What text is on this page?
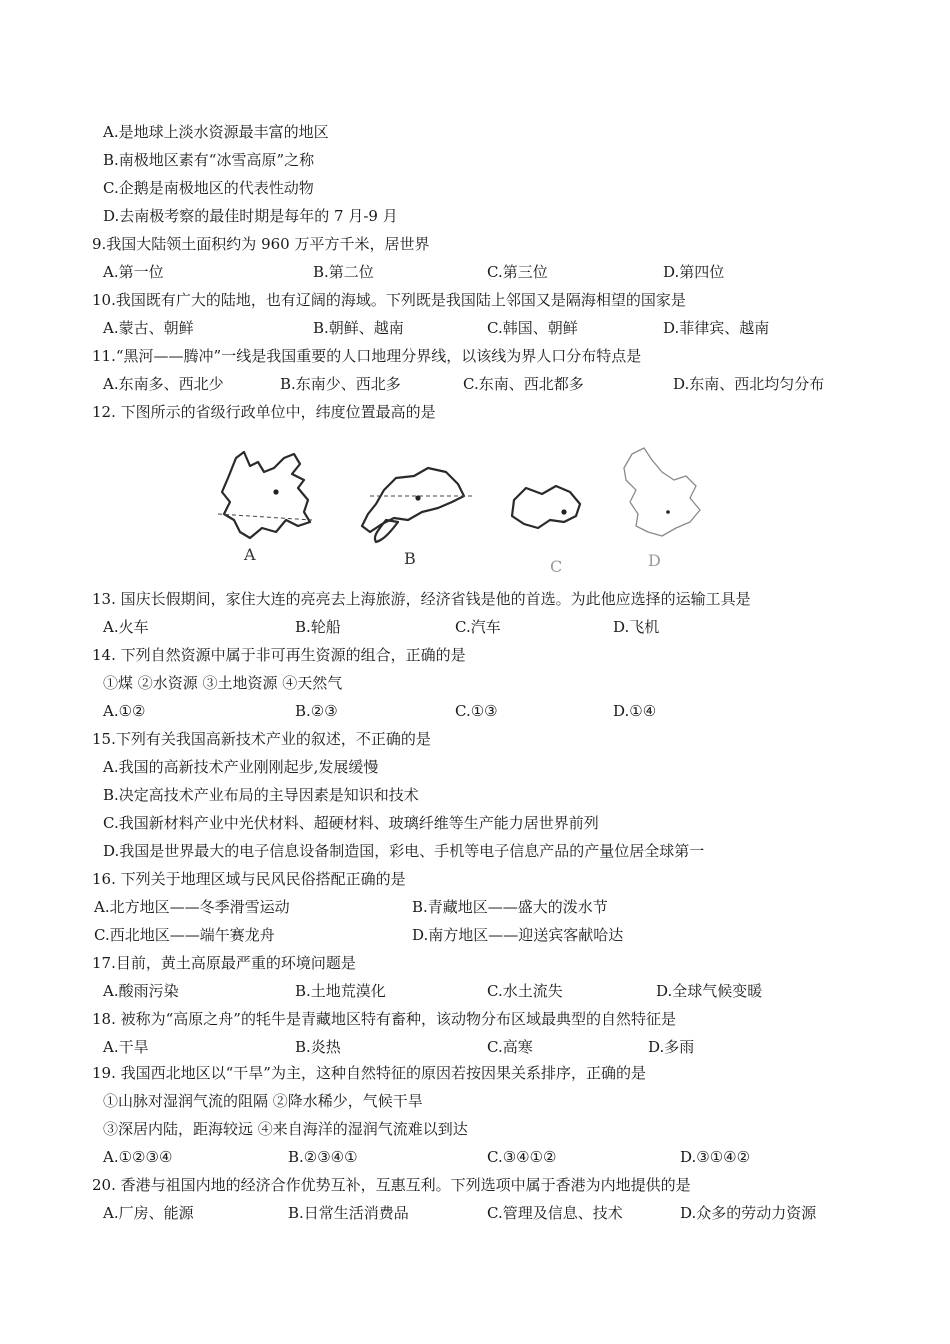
A.是地球上淡水资源最丰富的地区
B.南极地区素有“冰雪高原”之称
C.企鹅是南极地区的代表性动物
D.去南极考察的最佳时期是每年的 7 月-9 月
9.我国大陆领土面积约为 960 万平方千米，居世界
A.第一位	B.第二位	C.第三位	D.第四位
10.我国既有广大的陆地，也有辽阔的海域。下列既是我国陆上邻国又是隔海相望的国家是
A.蒙古、朝鲜	B.朝鲜、越南	C.韩国、朝鲜	D.菲律宾、越南
11.“黑河——腾冲”一线是我国重要的人口地理分界线，以该线为界人口分布特点是
A.东南多、西北少	B.东南少、西北多	C.东南、西北都多	D.东南、西北均匀分布
12. 下图所示的省级行政单位中，纬度位置最高的是
A	B	C	D
13. 国庆长假期间，家住大连的亮亮去上海旅游，经济省钱是他的首选。为此他应选择的运输工具是
A.火车	B.轮船	C.汽车	D.飞机
14. 下列自然资源中属于非可再生资源的组合，正确的是
①煤 ②水资源 ③土地资源 ④天然气
A.①②	B.②③	C.①③	D.①④
15.下列有关我国高新技术产业的叙述，不正确的是
A.我国的高新技术产业刚刚起步,发展缓慢
B.决定高技术产业布局的主导因素是知识和技术
C.我国新材料产业中光伏材料、超硬材料、玻璃纤维等生产能力居世界前列
D.我国是世界最大的电子信息设备制造国，彩电、手机等电子信息产品的产量位居全球第一
16. 下列关于地理区域与民风民俗搭配正确的是
A.北方地区——冬季滑雪运动	B.青藏地区——盛大的泼水节
C.西北地区——端午赛龙舟	D.南方地区——迎送宾客献哈达
17.目前，黄土高原最严重的环境问题是
A.酸雨污染	B.土地荒漠化	C.水土流失	D.全球气候变暖
18. 被称为“高原之舟”的牦牛是青藏地区特有畜种，该动物分布区域最典型的自然特征是
A.干旱	B.炎热	C.高寒	D.多雨
19. 我国西北地区以“干旱”为主，这种自然特征的原因若按因果关系排序，正确的是
①山脉对湿润气流的阻隔 ②降水稀少，气候干旱
③深居内陆，距海较远 ④来自海洋的湿润气流难以到达
A.①②③④	B.②③④①	C.③④①②	D.③①④②
20. 香港与祖国内地的经济合作优势互补，互惠互利。下列选项中属于香港为内地提供的是
A.厂房、能源	B.日常生活消费品	C.管理及信息、技术	D.众多的劳动力资源
